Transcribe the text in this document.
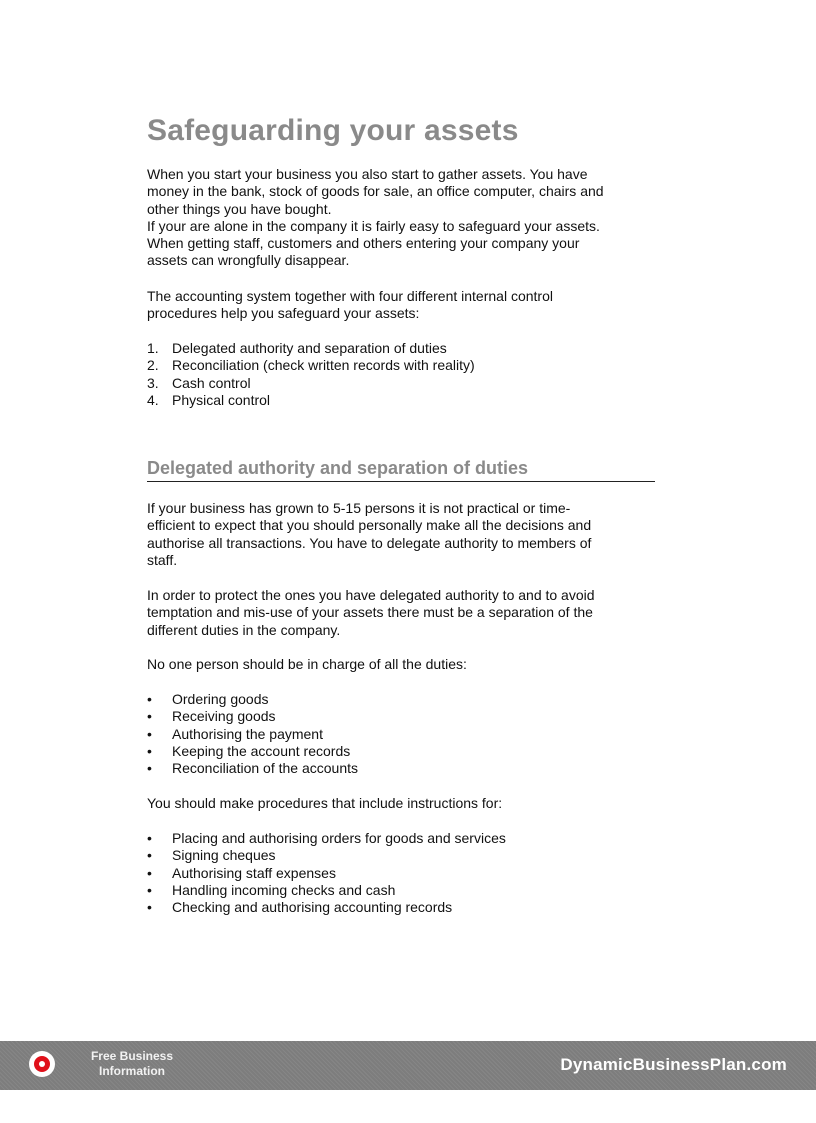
Safeguarding your assets

When you start your business you also start to gather assets. You have

money in the bank, stock of goods for sale, an office computer, chairs and

other things you have bought.

If your are alone in the company it is fairly easy to safeguard your assets.

When getting staff, customers and others entering your company your

assets can wrongfully disappear.

The accounting system together with four different internal control

procedures help you safeguard your assets:

1. Delegated authority and separation of duties
2. Reconciliation (check written records with reality)
3. Cash control
4. Physical control
Delegated authority and separation of duties

If your business has grown to 5-15 persons it is not practical or time-

efficient to expect that you should personally make all the decisions and

authorise all transactions. You have to delegate authority to members of

staff.

In order to protect the ones you have delegated authority to and to avoid

temptation and mis-use of your assets there must be a separation of the

different duties in the company.

No one person should be in charge of all the duties:

• Ordering goods
• Receiving goods
• Authorising the payment
• Keeping the account records
• Reconciliation of the accounts

You should make procedures that include instructions for:

• Placing and authorising orders for goods and services
• Signing cheques
• Authorising staff expenses
• Handling incoming checks and cash
• Checking and authorising accounting records
Free Business
Information	DynamicBusinessPlan.com
